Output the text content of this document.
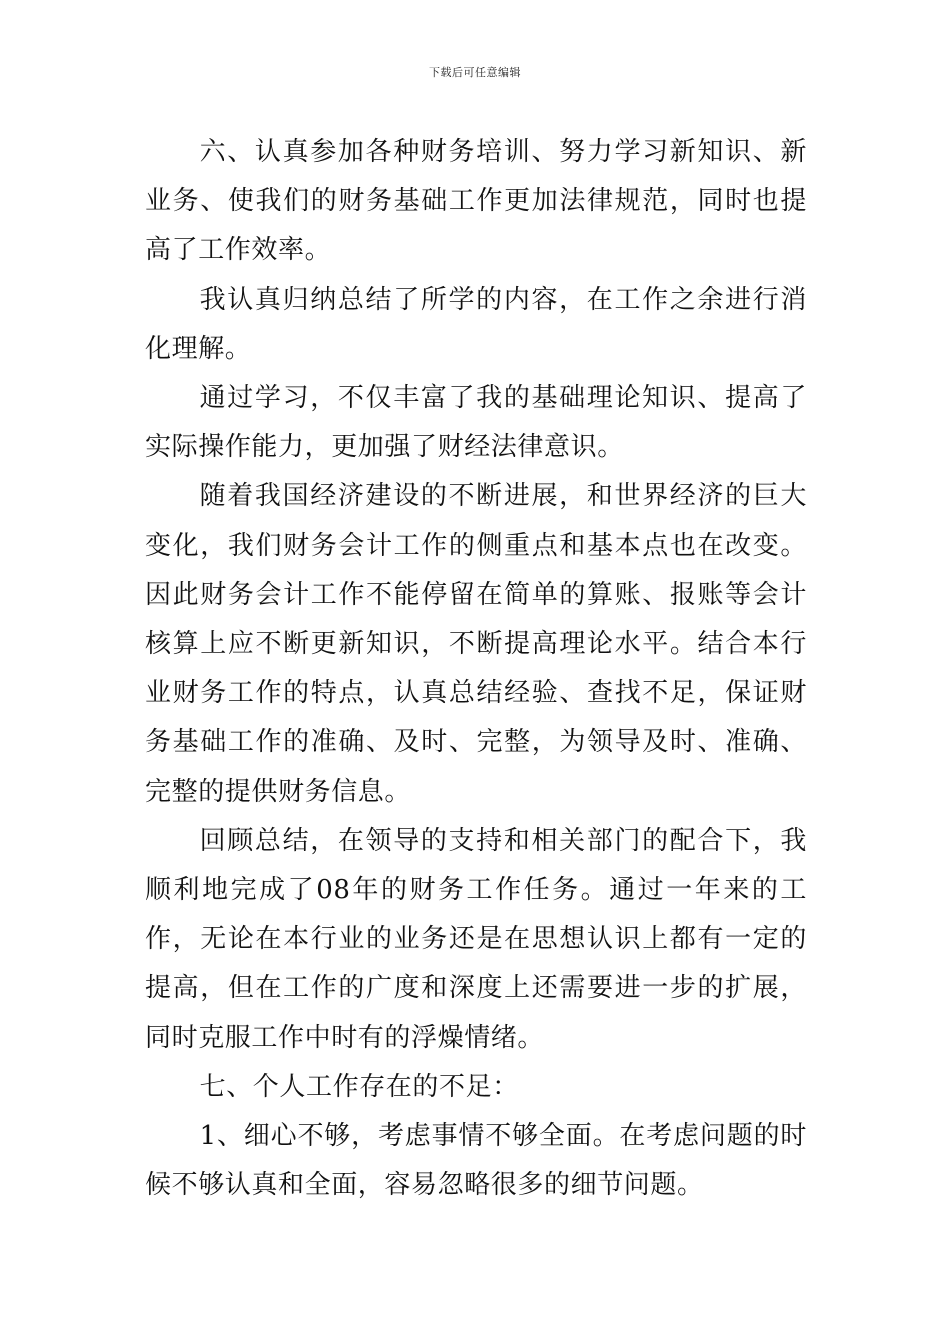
下载后可任意编辑

六、认真参加各种财务培训、努力学习新知识、新业务、使我们的财务基础工作更加法律规范，同时也提高了工作效率。

我认真归纳总结了所学的内容，在工作之余进行消化理解。

通过学习，不仅丰富了我的基础理论知识、提高了实际操作能力，更加强了财经法律意识。

随着我国经济建设的不断进展，和世界经济的巨大变化，我们财务会计工作的侧重点和基本点也在改变。因此财务会计工作不能停留在简单的算账、报账等会计核算上应不断更新知识，不断提高理论水平。结合本行业财务工作的特点，认真总结经验、查找不足，保证财务基础工作的准确、及时、完整，为领导及时、准确、完整的提供财务信息。

回顾总结，在领导的支持和相关部门的配合下，我顺利地完成了08年的财务工作任务。通过一年来的工作，无论在本行业的业务还是在思想认识上都有一定的提高，但在工作的广度和深度上还需要进一步的扩展，同时克服工作中时有的浮燥情绪。

七、个人工作存在的不足：

1、细心不够，考虑事情不够全面。在考虑问题的时候不够认真和全面，容易忽略很多的细节问题。
